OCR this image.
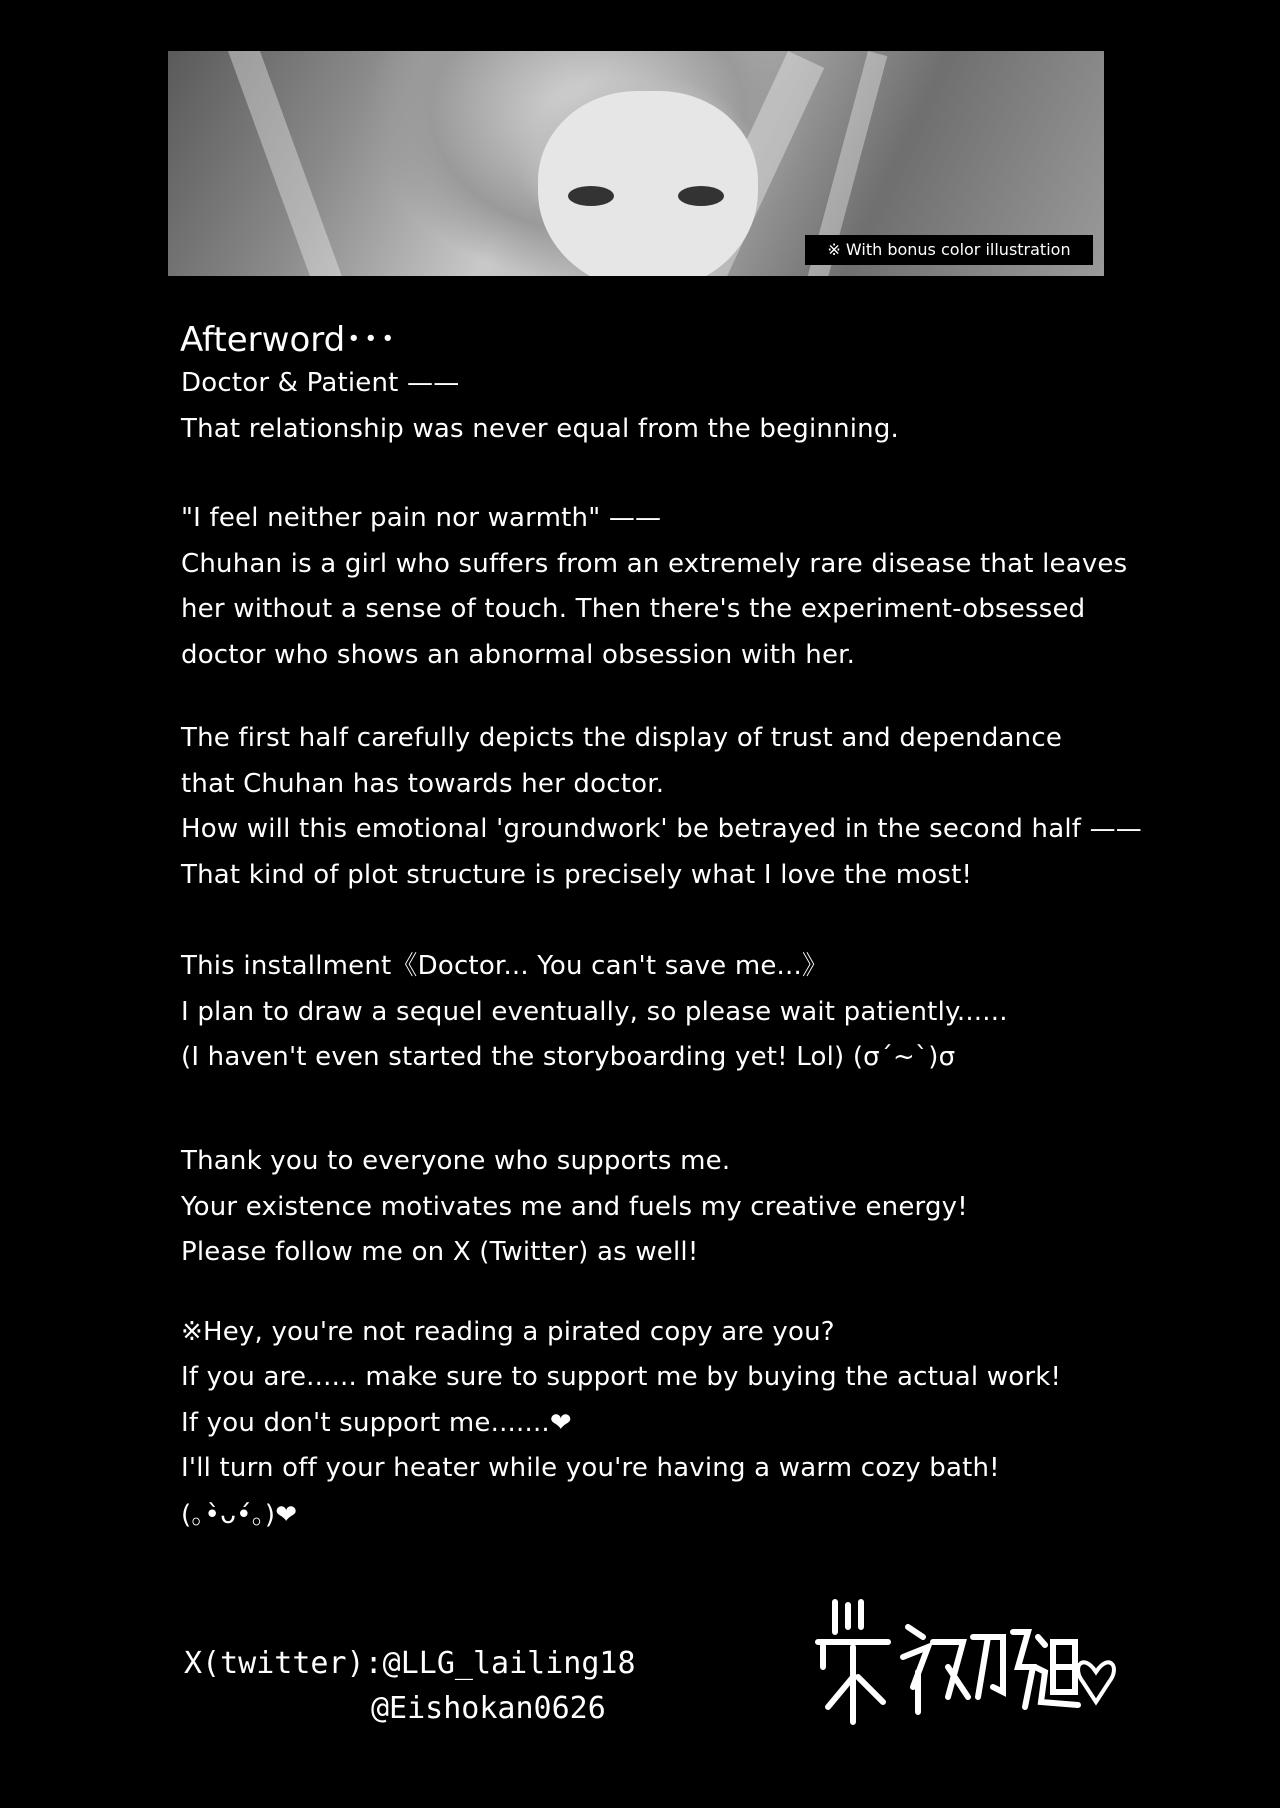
※ With bonus color illustration
Afterword･･･
Doctor & Patient ——
That relationship was never equal from the beginning.
"I feel neither pain nor warmth" ——
Chuhan is a girl who suffers from an extremely rare disease that leaves
her without a sense of touch. Then there's the experiment-obsessed
doctor who shows an abnormal obsession with her.
The first half carefully depicts the display of trust and dependance
that Chuhan has towards her doctor.
How will this emotional 'groundwork' be betrayed in the second half ——
That kind of plot structure is precisely what I love the most!
This installment《Doctor... You can't save me...》
I plan to draw a sequel eventually, so please wait patiently......
(I haven't even started the storyboarding yet! Lol) (σ´~`)σ
Thank you to everyone who supports me.
Your existence motivates me and fuels my creative energy!
Please follow me on X (Twitter) as well!
※Hey, you're not reading a pirated copy are you?
If you are...... make sure to support me by buying the actual work!
If you don't support me.......❤
I'll turn off your heater while you're having a warm cozy bath!
(｡•̀ᴗ•́｡)❤
X(twitter):@LLG_lailing18
@Eishokan0626
